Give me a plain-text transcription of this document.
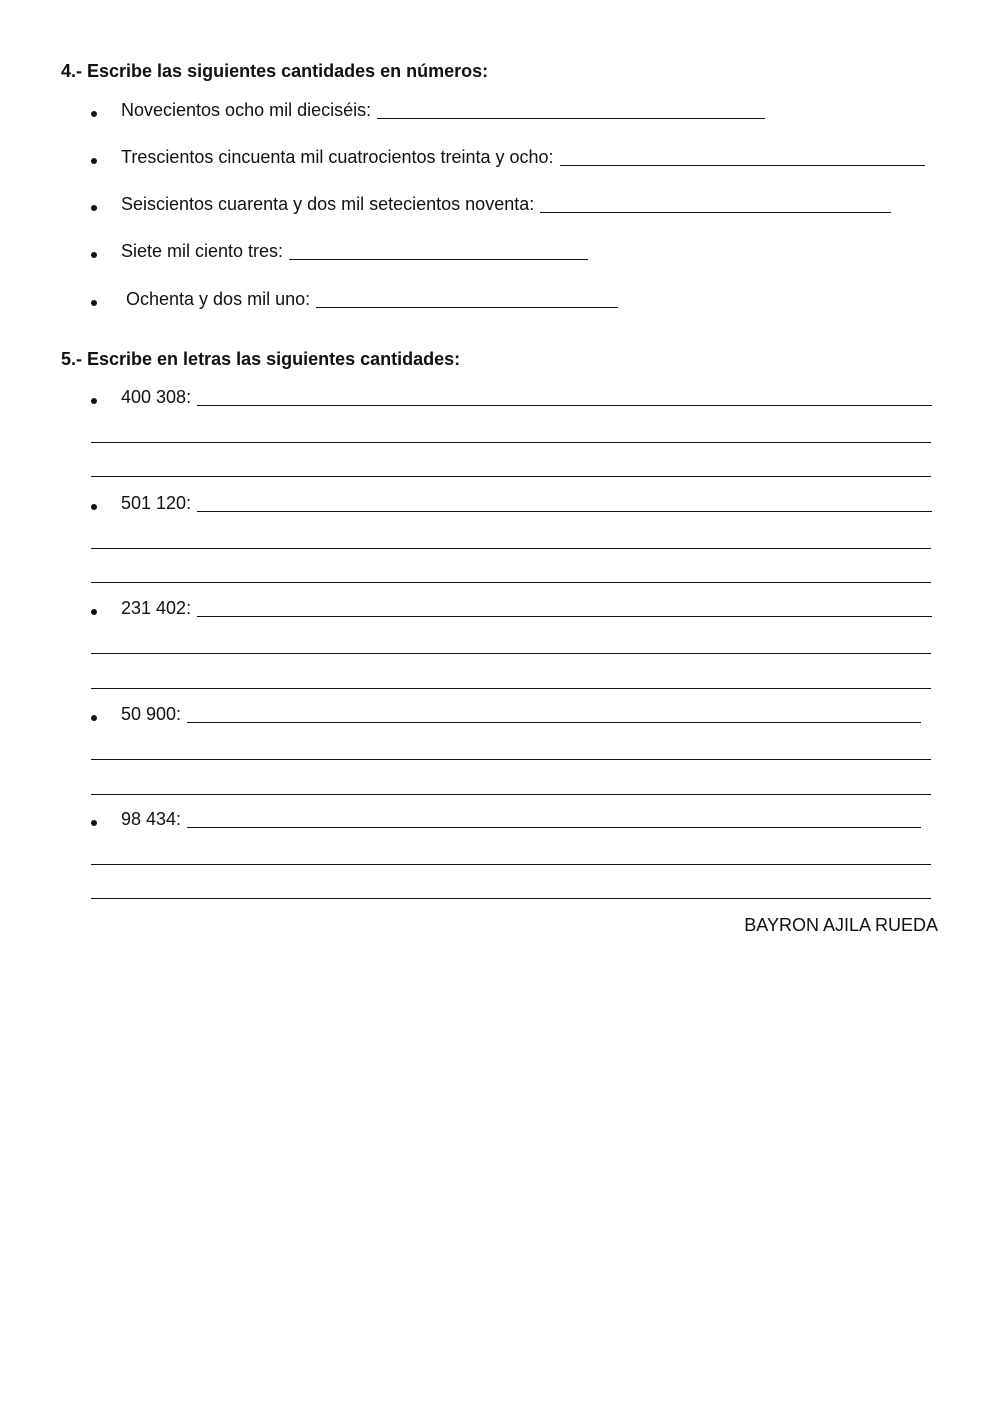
4.- Escribe las siguientes cantidades en números:
Novecientos ocho mil dieciséis:
Trescientos cincuenta mil cuatrocientos treinta y ocho:
Seiscientos cuarenta y dos mil setecientos noventa:
Siete mil ciento tres:
Ochenta y dos mil uno:
5.- Escribe en letras las siguientes cantidades:
400 308:
501 120:
231 402:
50 900:
98 434:
BAYRON AJILA RUEDA
